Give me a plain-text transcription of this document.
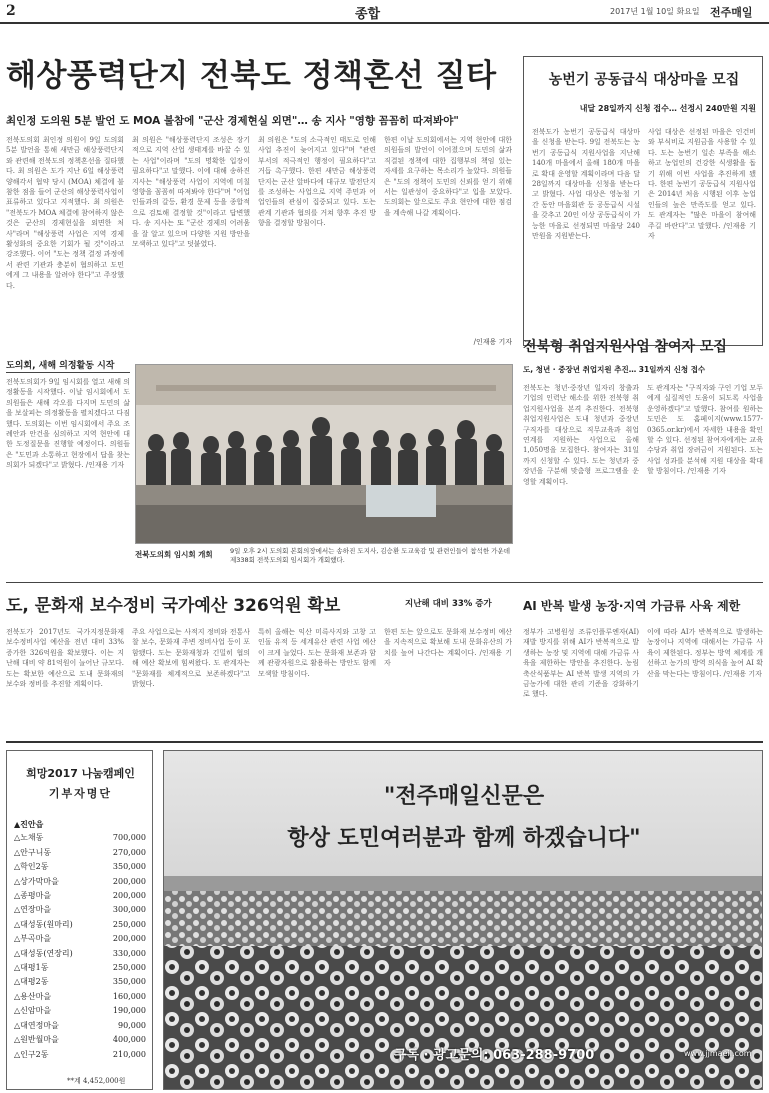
2	종합	2017년 1월 10일 화요일 전주매일
해상풍력단지 전북도 정책혼선 질타
최인정 도의원 5분 발언 도 MOA 불참에 "군산 경제현실 외면"… 송 지사 "영향 꼼꼼히 따져봐야"
전북도의회 최인정 의원이 9일 도의회 5분 발언을 통해 새만금 해상풍력단지와 관련해 전북도의 정책혼선을 질타했다. 최 의원은 도가 지난 6일 해상풍력 양해각서 협약 당시 (MOA) 체결에 불참한 점을 들어 군산의 해상풍력사업이 표류하고 있다고 지적했다. 최 의원은 "전북도가 MOA 체결에 참여하지 않은 것은 군산의 경제현실을 외면한 처사"라며 "해상풍력 사업은 지역 경제 활성화의 중요한 기회가 될 것"이라고 강조했다. 이어 "도는 정책 결정 과정에서 관련 기관과 충분히 협의하고 도민에게 그 내용을 알려야 한다"고 주장했다.
최 의원은 "해상풍력단지 조성은 장기적으로 지역 산업 생태계를 바꿀 수 있는 사업"이라며 "도의 명확한 입장이 필요하다"고 말했다. 이에 대해 송하진 지사는 "해상풍력 사업이 지역에 미칠 영향을 꼼꼼히 따져봐야 한다"며 "어업인들과의 갈등, 환경 문제 등을 종합적으로 검토해 결정할 것"이라고 답변했다. 송 지사는 또 "군산 경제의 어려움을 잘 알고 있으며 다양한 지원 방안을 모색하고 있다"고 덧붙였다.
최 의원은 "도의 소극적인 태도로 인해 사업 추진이 늦어지고 있다"며 "관련 부서의 적극적인 행정이 필요하다"고 거듭 촉구했다. 한편 새만금 해상풍력단지는 군산 앞바다에 대규모 발전단지를 조성하는 사업으로 지역 주민과 어업인들의 관심이 집중되고 있다. 도는 관계 기관과 협의를 거쳐 향후 추진 방향을 결정할 방침이다.
한편 이날 도의회에서는 지역 현안에 대한 의원들의 발언이 이어졌으며 도민의 삶과 직결된 정책에 대한 집행부의 책임 있는 자세를 요구하는 목소리가 높았다. 의원들은 "도의 정책이 도민의 신뢰를 얻기 위해서는 일관성이 중요하다"고 입을 모았다. 도의회는 앞으로도 주요 현안에 대한 점검을 계속해 나갈 계획이다.
/인재용 기자
농번기 공동급식 대상마을 모집
내달 28일까지 신청 접수… 선정시 240만원 지원
전북도가 농번기 공동급식 대상마을 신청을 받는다. 9일 전북도는 농번기 공동급식 지원사업을 지난해 140개 마을에서 올해 180개 마을로 확대 운영할 계획이라며 다음 달 28일까지 대상마을 신청을 받는다고 밝혔다. 사업 대상은 영농철 기간 동안 마을회관 등 공동급식 시설을 갖추고 20인 이상 공동급식이 가능한 마을로 선정되면 마을당 240만원을 지원받는다.
사업 대상은 선정된 마을은 인건비와 부식비로 지원금을 사용할 수 있다. 도는 농번기 일손 부족을 해소하고 농업인의 건강한 식생활을 돕기 위해 이번 사업을 추진하게 됐다. 한편 농번기 공동급식 지원사업은 2014년 처음 시행된 이후 농업인들의 높은 만족도를 얻고 있다. 도 관계자는 "많은 마을이 참여해 주길 바란다"고 말했다. /인재용 기자
도의회, 새해 의정활동 시작
전북도의회가 9일 임시회를 열고 새해 의정활동을 시작했다. 이날 임시회에서 도의원들은 새해 각오를 다지며 도민의 삶을 보살피는 의정활동을 펼치겠다고 다짐했다. 도의회는 이번 임시회에서 주요 조례안과 안건을 심의하고 지역 현안에 대한 도정질문을 진행할 예정이다. 의원들은 "도민과 소통하고 현장에서 답을 찾는 의회가 되겠다"고 밝혔다. /인재용 기자
전북도의회 임시회 개회	9일 오후 2시 도의회 본회의장에서는 송하진 도지사, 김승환 도교육감 및 관련인들이 참석한 가운데 제338회 전북도의회 임시회가 개회했다.
전북형 취업지원사업 참여자 모집
도, 청년 · 중장년 취업지원 추진… 31일까지 신청 접수
전북도는 청년·중장년 일자리 창출과 기업의 인력난 해소를 위한 전북형 취업지원사업을 본격 추진한다. 전북형 취업지원사업은 도내 청년과 중장년 구직자를 대상으로 직무교육과 취업 연계를 지원하는 사업으로 올해 1,050명을 모집한다. 참여자는 31일까지 신청할 수 있다. 도는 청년과 중장년을 구분해 맞춤형 프로그램을 운영할 계획이다.
도 관계자는 "구직자와 구인 기업 모두에게 실질적인 도움이 되도록 사업을 운영하겠다"고 말했다. 참여를 원하는 도민은 도 홈페이지(www.1577-0365.or.kr)에서 자세한 내용을 확인할 수 있다. 선정된 참여자에게는 교육 수당과 취업 장려금이 지원된다. 도는 사업 성과를 분석해 지원 대상을 확대할 방침이다. /인재용 기자
도, 문화재 보수정비 국가예산 326억원 확보	지난해 대비 33% 증가
전북도가 2017년도 국가지정문화재 보수정비사업 예산을 전년 대비 33% 증가한 326억원을 확보했다. 이는 지난해 대비 약 81억원이 늘어난 규모다. 도는 확보한 예산으로 도내 문화재의 보수와 정비를 추진할 계획이다.
주요 사업으로는 사적지 정비와 전통사찰 보수, 문화재 주변 정비사업 등이 포함됐다. 도는 문화재청과 긴밀히 협의해 예산 확보에 힘써왔다. 도 관계자는 "문화재를 체계적으로 보존하겠다"고 밝혔다.
특히 올해는 익산 미륵사지와 고창 고인돌 유적 등 세계유산 관련 사업 예산이 크게 늘었다. 도는 문화재 보존과 함께 관광자원으로 활용하는 방안도 함께 모색할 방침이다.
한편 도는 앞으로도 문화재 보수정비 예산을 지속적으로 확보해 도내 문화유산의 가치를 높여 나간다는 계획이다. /인재용 기자
AI 반복 발생 농장·지역 가금류 사육 제한
정부가 고병원성 조류인플루엔자(AI) 재발 방지를 위해 AI가 반복적으로 발생하는 농장 및 지역에 대해 가금류 사육을 제한하는 방안을 추진한다. 농림축산식품부는 AI 반복 발생 지역의 가금농가에 대한 관리 기준을 강화하기로 했다.
이에 따라 AI가 반복적으로 발생하는 농장이나 지역에 대해서는 가금류 사육이 제한된다. 정부는 방역 체계를 개선하고 농가의 방역 의식을 높여 AI 확산을 막는다는 방침이다. /인재용 기자
희망2017 나눔캠페인
기부자명단
▲진안읍
△노채동	700,000
△안구니동	270,000
△학인2동	350,000
△상가막마을	200,000
△종평마을	200,000
△연장마을	300,000
△대성동(원마리)	250,000
△부곡마을	200,000
△대성동(연장리)	330,000
△대평1동	250,000
△대평2동	350,000
△용산마을	160,000
△신암마을	190,000
△대연정마을	90,000
△원반월마을	400,000
△인구2동	210,000
**계 4,452,000원
"전주매일신문은
항상 도민여러분과 함께 하겠습니다"
구독 · 광고문의: 063-288-9700	www.jjmaeil.com
